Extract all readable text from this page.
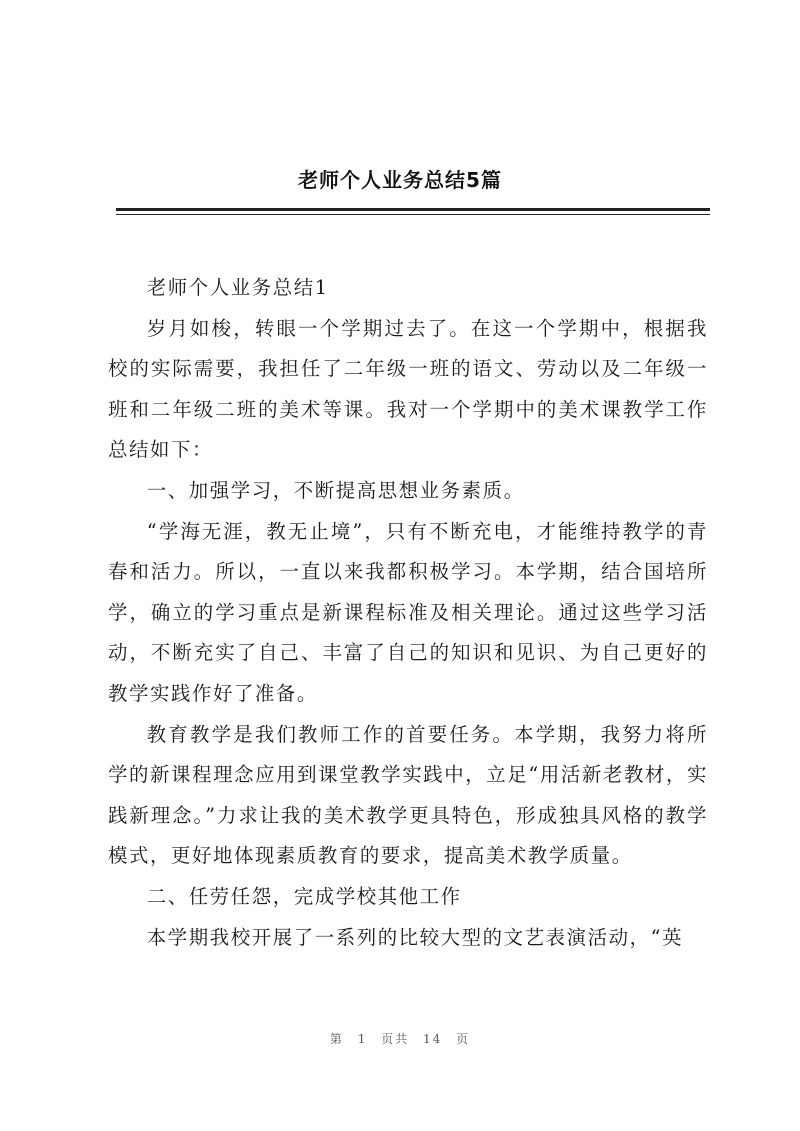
老师个人业务总结5篇

老师个人业务总结1

岁月如梭，转眼一个学期过去了。在这一个学期中，根据我校的实际需要，我担任了二年级一班的语文、劳动以及二年级一班和二年级二班的美术等课。我对一个学期中的美术课教学工作总结如下：

一、加强学习，不断提高思想业务素质。

“学海无涯，教无止境”，只有不断充电，才能维持教学的青春和活力。所以，一直以来我都积极学习。本学期，结合国培所学，确立的学习重点是新课程标准及相关理论。通过这些学习活动，不断充实了自己、丰富了自己的知识和见识、为自己更好的教学实践作好了准备。

教育教学是我们教师工作的首要任务。本学期，我努力将所学的新课程理念应用到课堂教学实践中，立足“用活新老教材，实践新理念。”力求让我的美术教学更具特色，形成独具风格的教学模式，更好地体现素质教育的要求，提高美术教学质量。

二、任劳任怨，完成学校其他工作

本学期我校开展了一系列的比较大型的文艺表演活动，“英

第 1 页共 14 页
